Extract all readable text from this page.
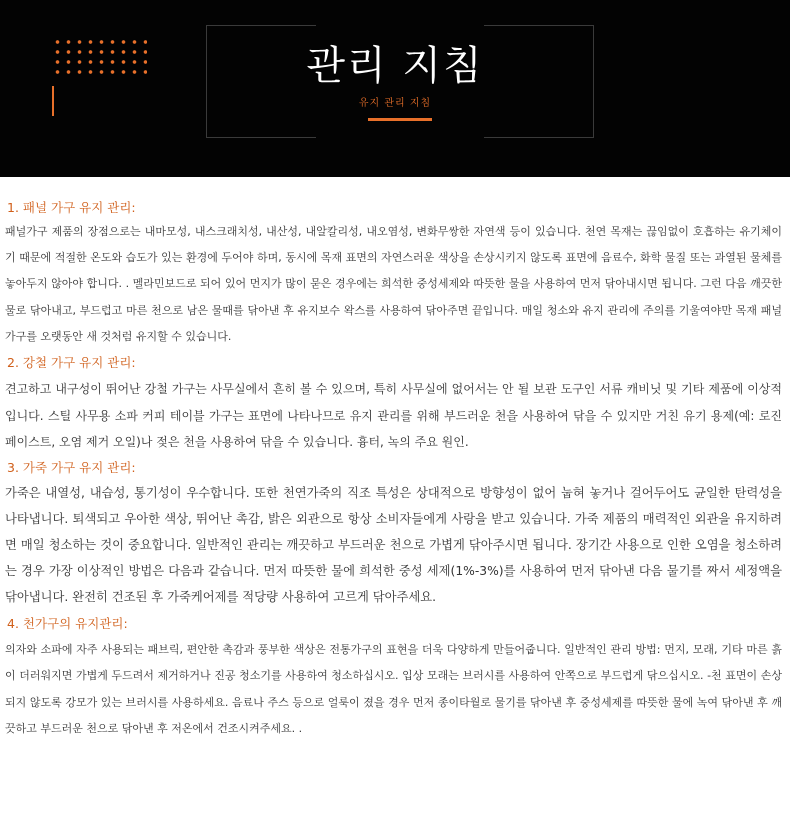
관리 지침
유지 관리 지침

1. 패널 가구 유지 관리:

패널가구 제품의 장점으로는 내마모성, 내스크래치성, 내산성, 내알칼리성, 내오염성, 변화무쌍한 자연색 등이 있습니다. 천연 목재는 끊임없이 호흡하는 유기체이기 때문에 적절한 온도와 습도가 있는 환경에 두어야 하며, 동시에 목재 표면의 자연스러운 색상을 손상시키지 않도록 표면에 음료수, 화학 물질 또는 과열된 물체를 놓아두지 않아야 합니다. . 멜라민보드로 되어 있어 먼지가 많이 묻은 경우에는 희석한 중성세제와 따뜻한 물을 사용하여 먼저 닦아내시면 됩니다. 그런 다음 깨끗한 물로 닦아내고, 부드럽고 마른 천으로 남은 물때를 닦아낸 후 유지보수 왁스를 사용하여 닦아주면 끝입니다. 매일 청소와 유지 관리에 주의를 기울여야만 목재 패널 가구를 오랫동안 새 것처럼 유지할 수 있습니다.

2. 강철 가구 유지 관리:

견고하고 내구성이 뛰어난 강철 가구는 사무실에서 흔히 볼 수 있으며, 특히 사무실에 없어서는 안 될 보관 도구인 서류 캐비닛 및 기타 제품에 이상적입니다. 스틸 사무용 소파 커피 테이블 가구는 표면에 나타나므로 유지 관리를 위해 부드러운 천을 사용하여 닦을 수 있지만 거친 유기 용제(예: 로진 페이스트, 오염 제거 오일)나 젖은 천을 사용하여 닦을 수 있습니다. 흉터, 녹의 주요 원인.

3. 가죽 가구 유지 관리:

가죽은 내열성, 내습성, 통기성이 우수합니다. 또한 천연가죽의 직조 특성은 상대적으로 방향성이 없어 눕혀 놓거나 걸어두어도 균일한 탄력성을 나타냅니다. 퇴색되고 우아한 색상, 뛰어난 촉감, 밝은 외관으로 항상 소비자들에게 사랑을 받고 있습니다. 가죽 제품의 매력적인 외관을 유지하려면 매일 청소하는 것이 중요합니다. 일반적인 관리는 깨끗하고 부드러운 천으로 가볍게 닦아주시면 됩니다. 장기간 사용으로 인한 오염을 청소하려는 경우 가장 이상적인 방법은 다음과 같습니다. 먼저 따뜻한 물에 희석한 중성 세제(1%-3%)를 사용하여 먼저 닦아낸 다음 물기를 짜서 세정액을 닦아냅니다. 완전히 건조된 후 가죽케어제를 적당량 사용하여 고르게 닦아주세요.

4. 천가구의 유지관리:

의자와 소파에 자주 사용되는 패브릭, 편안한 촉감과 풍부한 색상은 전통가구의 표현을 더욱 다양하게 만들어줍니다. 일반적인 관리 방법: 먼지, 모래, 기타 마른 흙이 더러워지면 가볍게 두드려서 제거하거나 진공 청소기를 사용하여 청소하십시오. 입상 모래는 브러시를 사용하여 안쪽으로 부드럽게 닦으십시오. -천 표면이 손상되지 않도록 강모가 있는 브러시를 사용하세요. 음료나 주스 등으로 얼룩이 졌을 경우 먼저 종이타월로 물기를 닦아낸 후 중성세제를 따뜻한 물에 녹여 닦아낸 후 깨끗하고 부드러운 천으로 닦아낸 후 저온에서 건조시켜주세요. .
